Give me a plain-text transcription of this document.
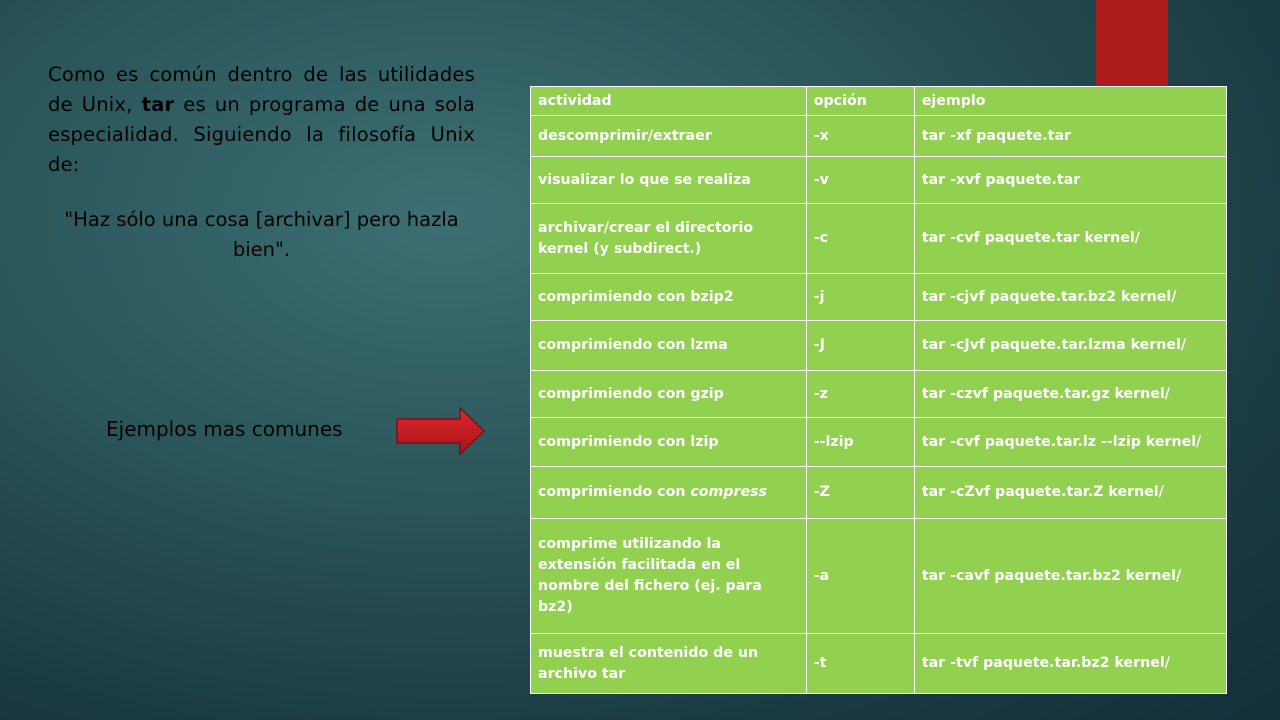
Como es común dentro de las utilidades de Unix, tar es un programa de una sola especialidad. Siguiendo la filosofía Unix de:
"Haz sólo una cosa [archivar] pero hazla bien".
Ejemplos mas comunes
actividad	opción	ejemplo
descomprimir/extraer	-x	tar -xf paquete.tar
visualizar lo que se realiza	-v	tar -xvf paquete.tar
archivar/crear el directorio kernel (y subdirect.)	-c	tar -cvf paquete.tar kernel/
comprimiendo con bzip2	-j	tar -cjvf paquete.tar.bz2 kernel/
comprimiendo con lzma	-J	tar -cJvf paquete.tar.lzma kernel/
comprimiendo con gzip	-z	tar -czvf paquete.tar.gz kernel/
comprimiendo con lzip	--lzip	tar -cvf paquete.tar.lz --lzip kernel/
comprimiendo con compress	-Z	tar -cZvf paquete.tar.Z kernel/
comprime utilizando la extensión facilitada en el nombre del fichero (ej. para bz2)	-a	tar -cavf paquete.tar.bz2 kernel/
muestra el contenido de un archivo tar	-t	tar -tvf paquete.tar.bz2 kernel/
